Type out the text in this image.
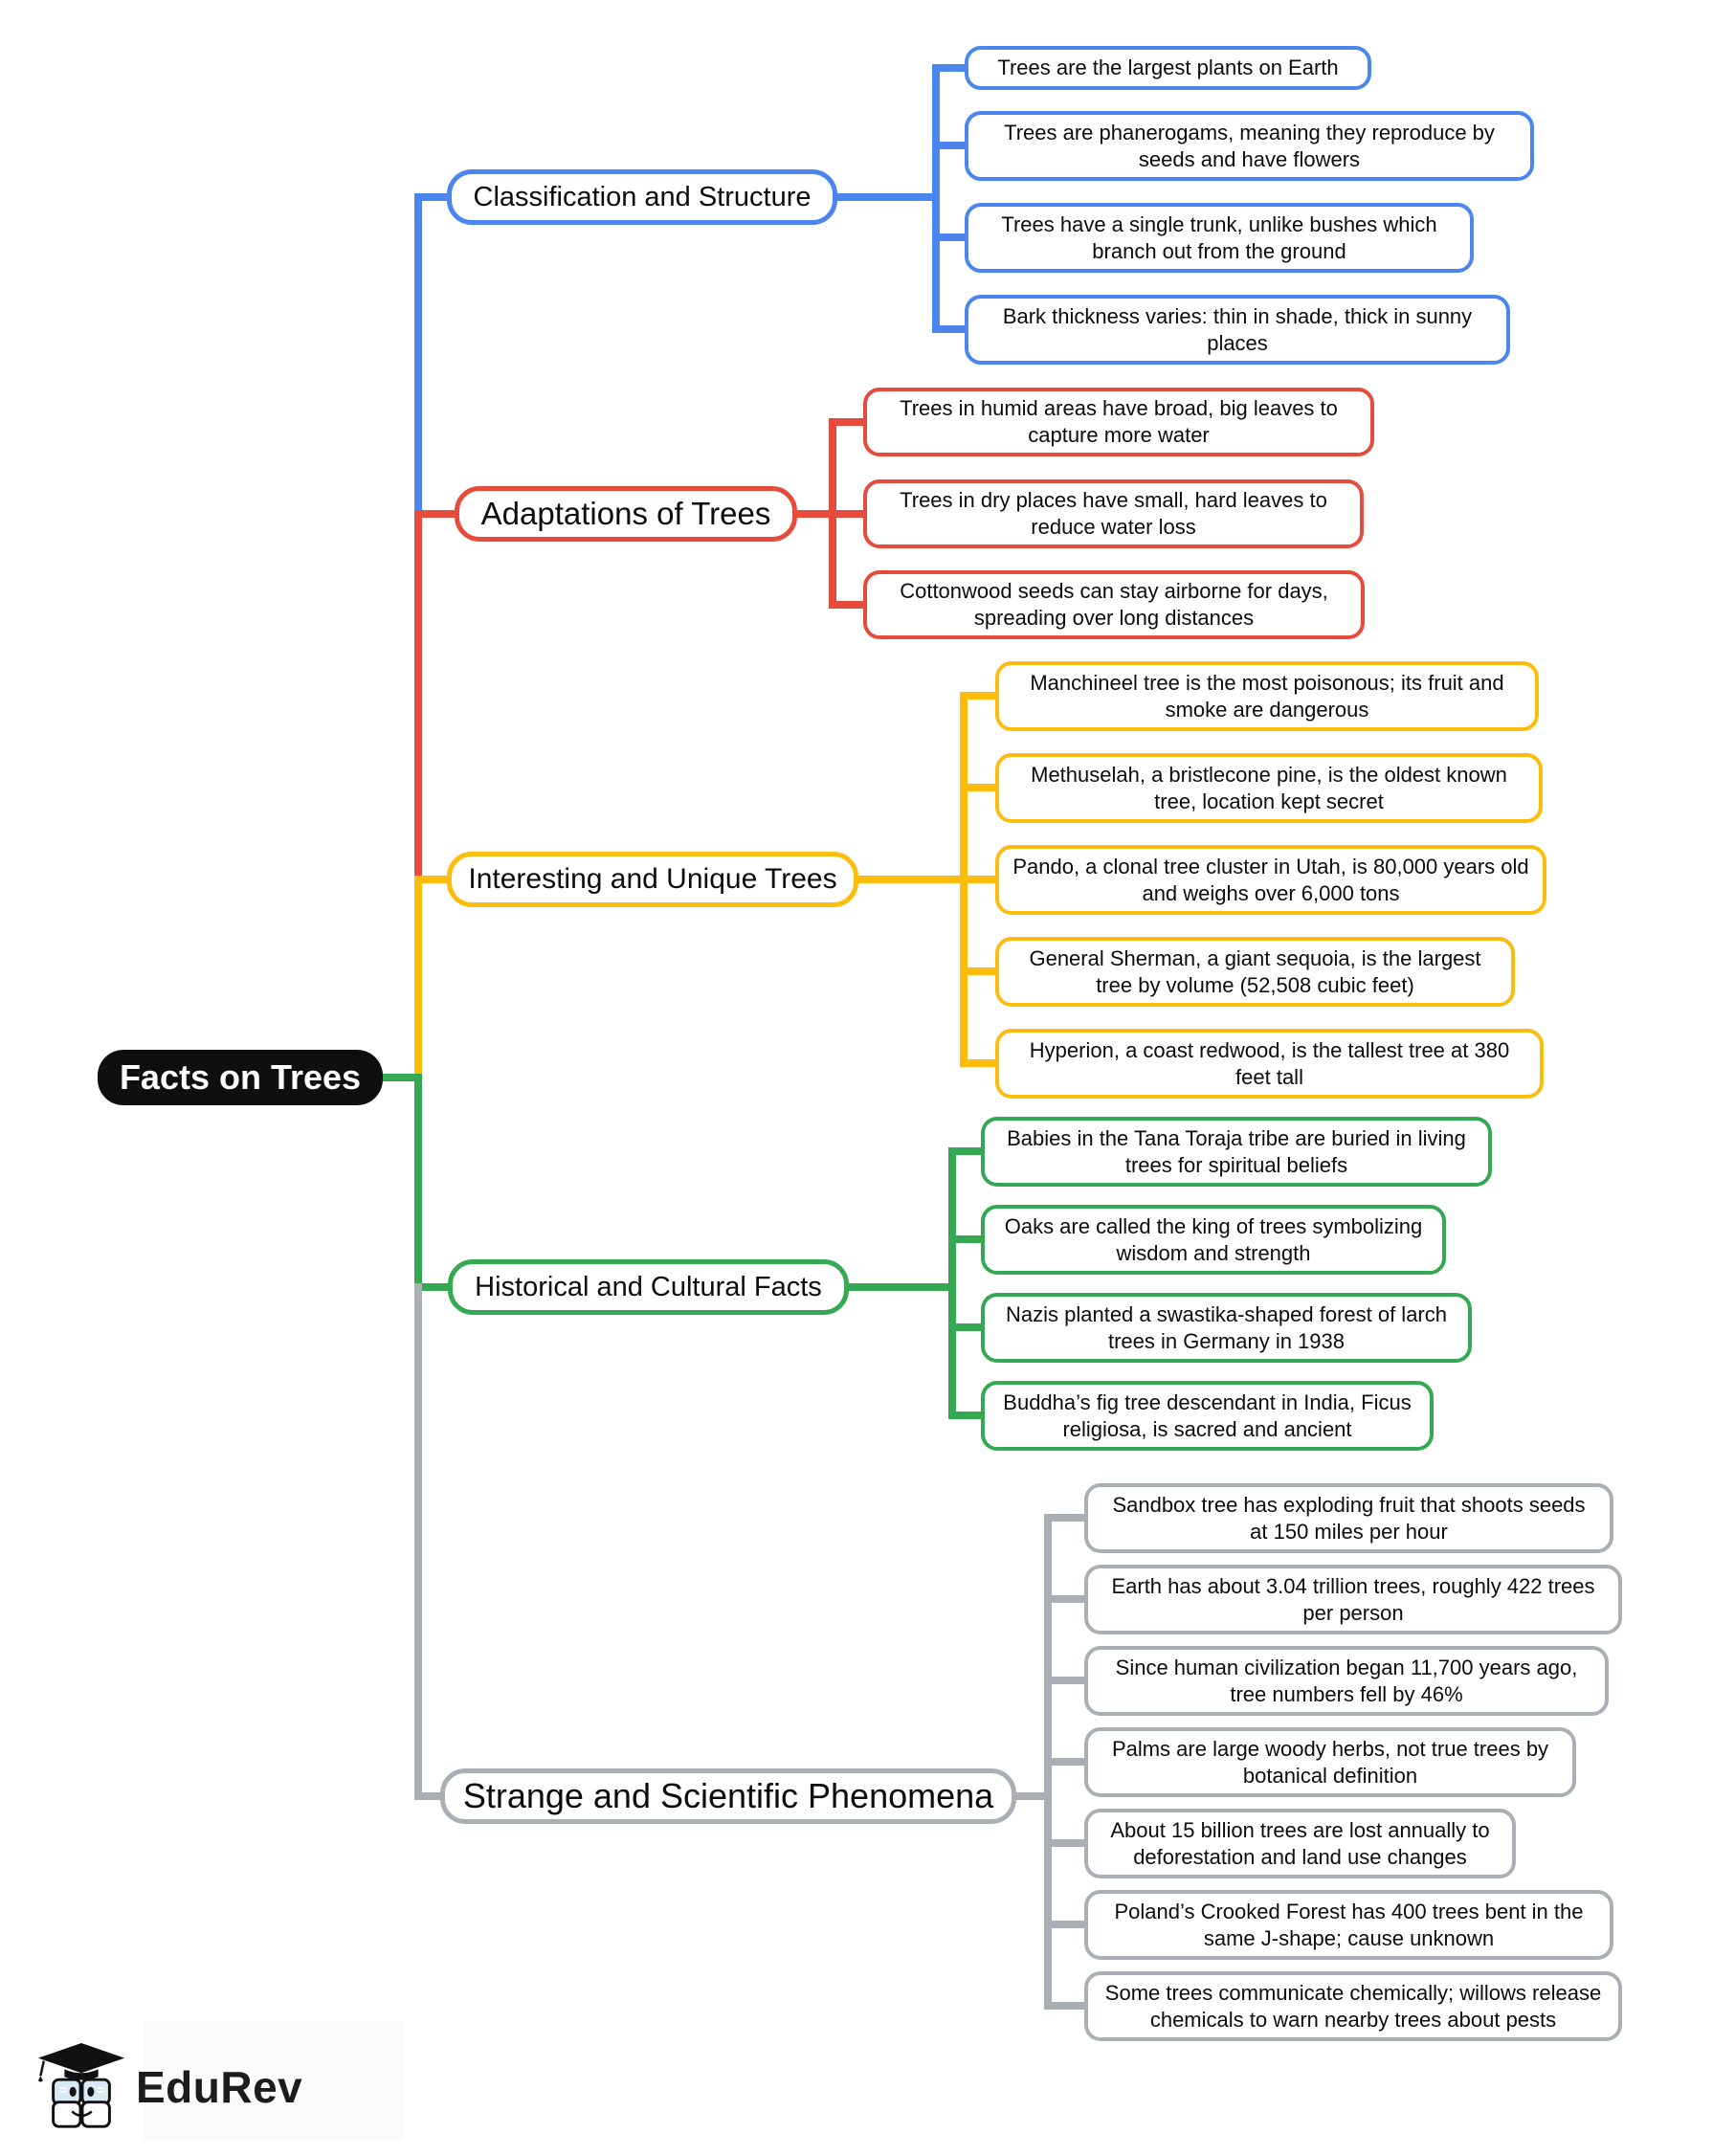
Classification and Structure
Trees are the largest plants on Earth
Trees are phanerogams, meaning they reproduce by seeds and have flowers
Trees have a single trunk, unlike bushes which branch out from the ground
Bark thickness varies: thin in shade, thick in sunny places
Adaptations of Trees
Trees in humid areas have broad, big leaves to capture more water
Trees in dry places have small, hard leaves to reduce water loss
Cottonwood seeds can stay airborne for days, spreading over long distances
Interesting and Unique Trees
Manchineel tree is the most poisonous; its fruit and smoke are dangerous
Methuselah, a bristlecone pine, is the oldest known tree, location kept secret
Pando, a clonal tree cluster in Utah, is 80,000 years old and weighs over 6,000 tons
General Sherman, a giant sequoia, is the largest tree by volume (52,508 cubic feet)
Hyperion, a coast redwood, is the tallest tree at 380 feet tall
Historical and Cultural Facts
Babies in the Tana Toraja tribe are buried in living trees for spiritual beliefs
Oaks are called the king of trees symbolizing wisdom and strength
Nazis planted a swastika-shaped forest of larch trees in Germany in 1938
Buddha’s fig tree descendant in India, Ficus religiosa, is sacred and ancient
Strange and Scientific Phenomena
Sandbox tree has exploding fruit that shoots seeds at 150 miles per hour
Earth has about 3.04 trillion trees, roughly 422 trees per person
Since human civilization began 11,700 years ago, tree numbers fell by 46%
Palms are large woody herbs, not true trees by botanical definition
About 15 billion trees are lost annually to deforestation and land use changes
Poland’s Crooked Forest has 400 trees bent in the same J-shape; cause unknown
Some trees communicate chemically; willows release chemicals to warn nearby trees about pests
Facts on Trees
EduRev
